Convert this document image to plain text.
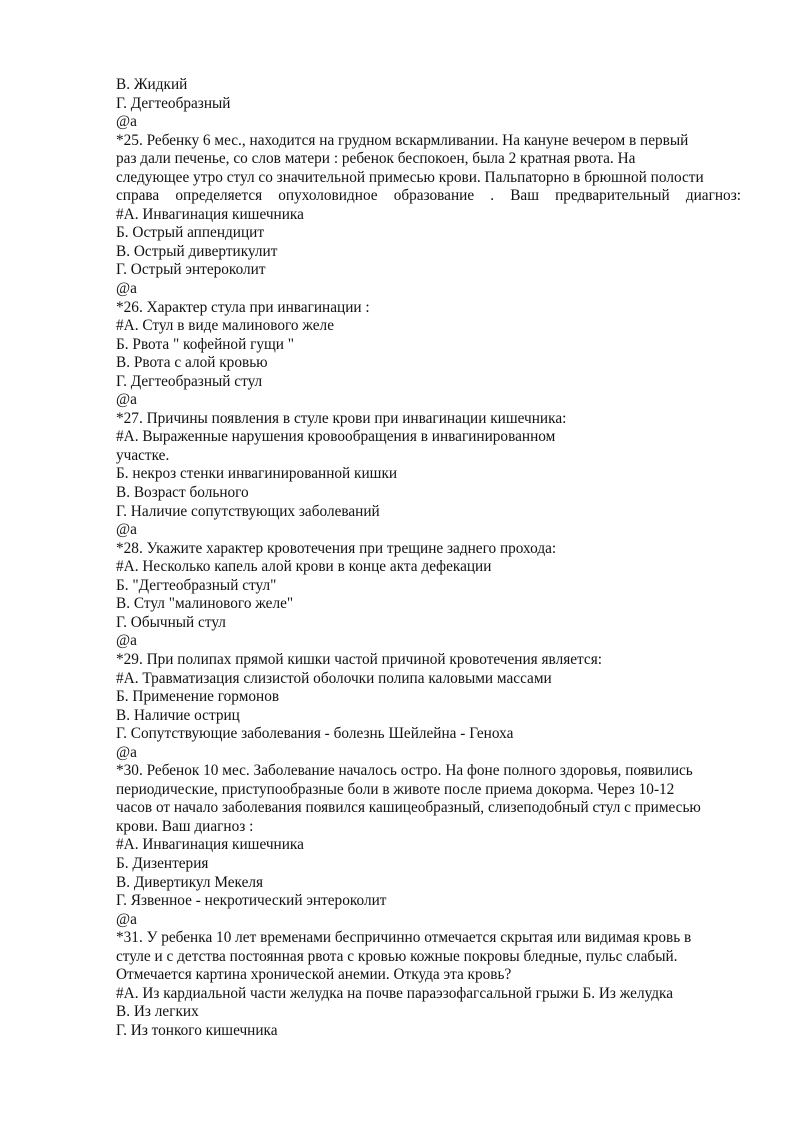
В. Жидкий
Г. Дегтеобразный
@a
*25. Ребенку 6 мес., находится на грудном вскармливании. На кануне вечером в первый
раз дали печенье, со слов матери : ребенок беспокоен, была 2 кратная рвота. На
следующее утро стул со значительной примесью крови. Пальпаторно в брюшной полости
справа определяется опухоловидное образование . Ваш предварительный диагноз:
#А. Инвагинация кишечника
Б. Острый аппендицит
В. Острый дивертикулит
Г. Острый энтероколит
@a
*26. Характер стула при инвагинации :
#А. Стул в виде малинового желе
Б. Рвота " кофейной гущи "
В. Рвота с алой кровью
Г. Дегтеобразный стул
@a
*27. Причины появления в стуле крови при инвагинации кишечника:
#А. Выраженные нарушения кровообращения в инвагинированном
участке.
Б. некроз стенки инвагинированной кишки
В. Возраст больного
Г. Наличие сопутствующих заболеваний
@a
*28. Укажите характер кровотечения при трещине заднего прохода:
#А. Несколько капель алой крови в конце акта дефекации
Б. "Дегтеобразный стул"
В. Стул "малинового желе"
Г. Обычный стул
@a
*29. При полипах прямой кишки частой причиной кровотечения является:
#А. Травматизация слизистой оболочки полипа каловыми массами
Б. Применение гормонов
В. Наличие остриц
Г. Сопутствующие заболевания - болезнь Шейлейна - Геноха
@a
*30. Ребенок 10 мес. Заболевание началось остро. На фоне полного здоровья, появились
периодические, приступообразные боли в животе после приема докорма. Через 10-12
часов от начало заболевания появился кашицеобразный, слизеподобный стул с примесью
крови. Ваш диагноз :
#А. Инвагинация кишечника
Б. Дизентерия
В. Дивертикул Мекеля
Г. Язвенное - некротический энтероколит
@a
*31. У ребенка 10 лет временами беспричинно отмечается скрытая или видимая кровь в
стуле и с детства постоянная рвота с кровью кожные покровы бледные, пульс слабый.
Отмечается картина хронической анемии. Откуда эта кровь?
#А. Из кардиальной части желудка на почве параэзофагсальной грыжи Б. Из желудка
В. Из легких
Г. Из тонкого кишечника
